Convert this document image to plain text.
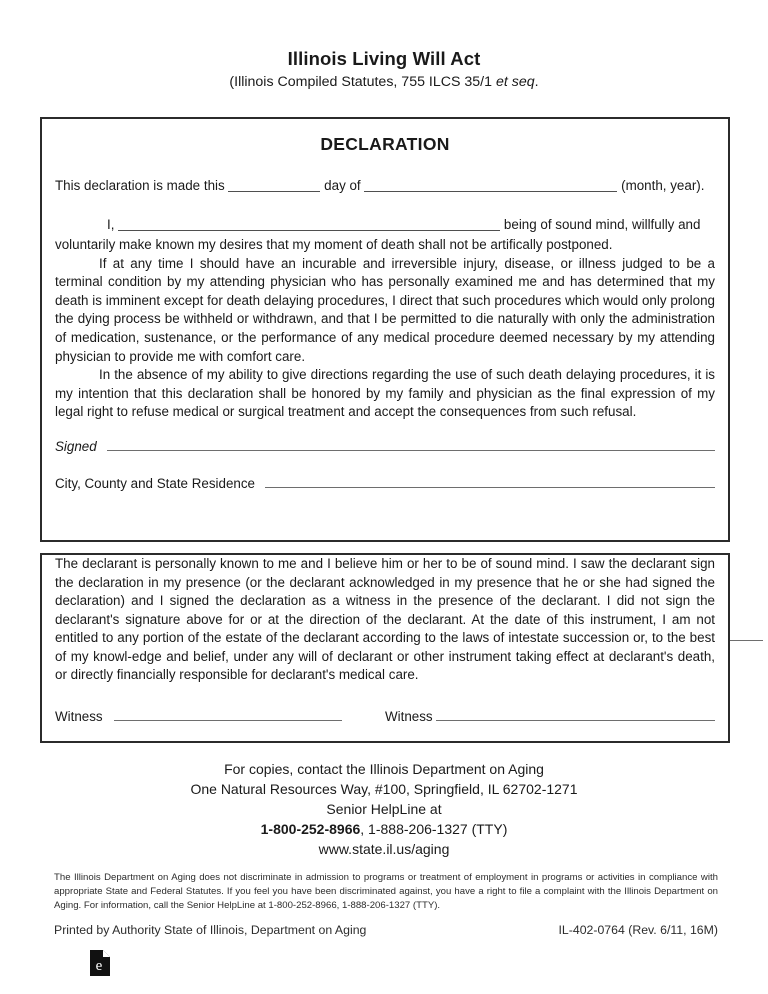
Illinois Living Will Act
(Illinois Compiled Statutes, 755 ILCS 35/1 et seq.
DECLARATION
This declaration is made this	day of	(month, year).
I,	being of sound mind, willfully and

voluntarily make known my desires that my moment of death shall not be artifically postponed.

If at any time I should have an incurable and irreversible injury, disease, or illness judged to be a terminal condition by my attending physician who has personally examined me and has determined that my death is imminent except for death delaying procedures, I direct that such procedures which would only prolong the dying process be withheld or withdrawn, and that I be permitted to die naturally with only the administration of medication, sustenance, or the performance of any medical procedure deemed necessary by my attending physician to provide me with comfort care.

In the absence of my ability to give directions regarding the use of such death delaying procedures, it is my intention that this declaration shall be honored by my family and physician as the final expression of my legal right to refuse medical or surgical treatment and accept the consequences from such refusal.

Signed
City, County and State Residence

The declarant is personally known to me and I believe him or her to be of sound mind. I saw the declarant sign the declaration in my presence (or the declarant acknowledged in my presence that he or she had signed the declaration) and I signed the declaration as a witness in the presence of the declarant. I did not sign the declarant's signature above for or at the direction of the declarant. At the date of this instrument, I am not entitled to any portion of the estate of the declarant according to the laws of intestate succession or, to the best of my knowl-edge and belief, under any will of declarant or other instrument taking effect at declarant's death, or directly financially responsible for declarant's medical care.

Witness	Witness
For copies, contact the Illinois Department on Aging
One Natural Resources Way, #100, Springfield, IL 62702-1271
Senior HelpLine at
1-800-252-8966, 1-888-206-1327 (TTY)
www.state.il.us/aging
The Illinois Department on Aging does not discriminate in admission to programs or treatment of employment in programs or activities in compliance with appropriate State and Federal Statutes. If you feel you have been discriminated against, you have a right to file a complaint with the Illinois Department on Aging. For information, call the Senior HelpLine at 1-800-252-8966, 1-888-206-1327 (TTY).
Printed by Authority State of Illinois, Department on Aging	IL-402-0764 (Rev. 6/11, 16M)
e
